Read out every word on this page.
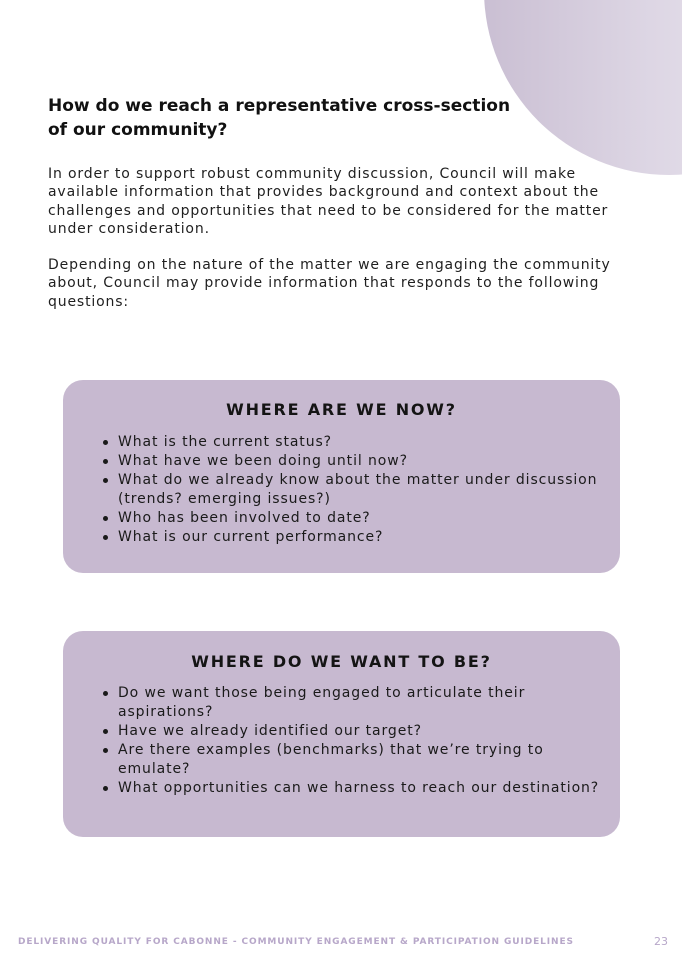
How do we reach a representative cross-section of our community?

In order to support robust community discussion, Council will make available information that provides background and context about the challenges and opportunities that need to be considered for the matter under consideration.

Depending on the nature of the matter we are engaging the community about, Council may provide information that responds to the following questions:

WHERE ARE WE NOW?
What is the current status?
What have we been doing until now?
What do we already know about the matter under discussion (trends? emerging issues?)
Who has been involved to date?
What is our current performance?
WHERE DO WE WANT TO BE?
Do we want those being engaged to articulate their aspirations?
Have we already identified our target?
Are there examples (benchmarks) that we’re trying to emulate?
What opportunities can we harness to reach our destination?
DELIVERING QUALITY FOR CABONNE - COMMUNITY ENGAGEMENT & PARTICIPATION GUIDELINES	23
